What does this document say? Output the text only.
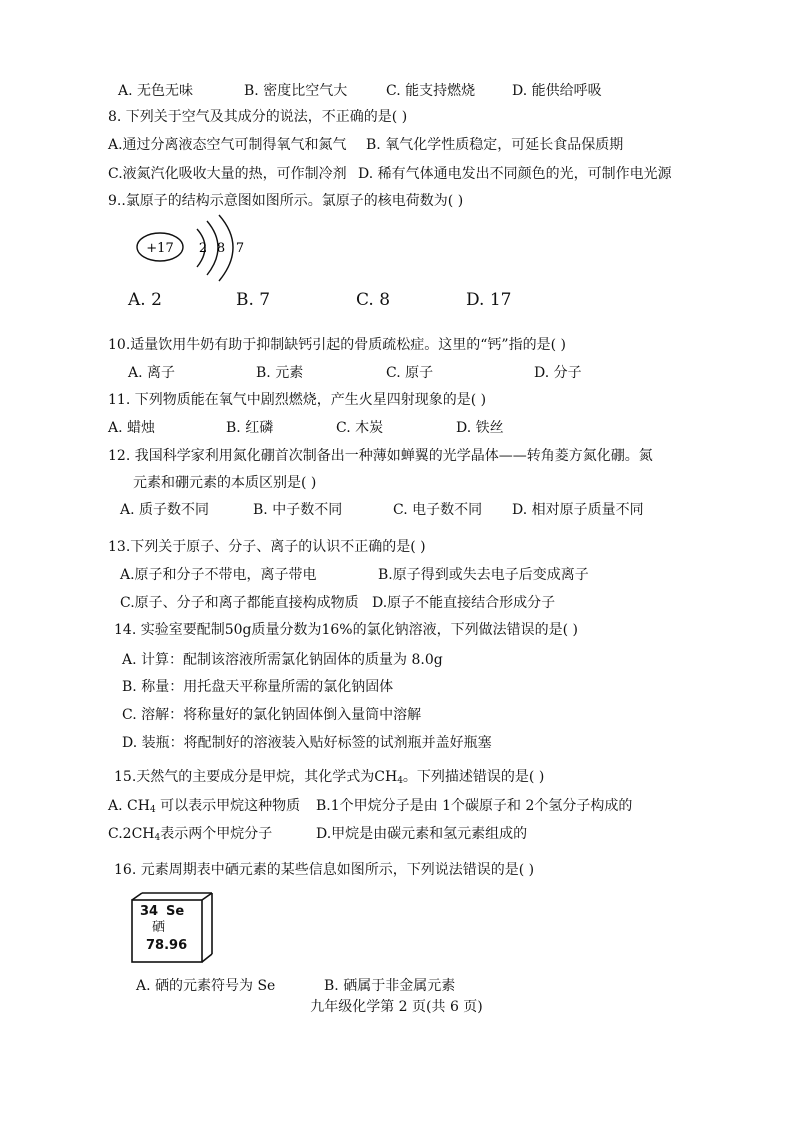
A. 无色无味	B. 密度比空气大	C. 能支持燃烧	D. 能供给呼吸
8. 下列关于空气及其成分的说法，不正确的是( )
A.通过分离液态空气可制得氧气和氮气 B. 氧气化学性质稳定，可延长食品保质期
C.液氮汽化吸收大量的热，可作制冷剂 D. 稀有气体通电发出不同颜色的光，可制作电光源
9..氯原子的结构示意图如图所示。氯原子的核电荷数为( )
+17 2 8 7
A. 2	B. 7	C. 8	D. 17
10.适量饮用牛奶有助于抑制缺钙引起的骨质疏松症。这里的“钙”指的是( )
A. 离子	B. 元素	C. 原子	D. 分子
11. 下列物质能在氧气中剧烈燃烧，产生火星四射现象的是( )
A. 蜡烛	B. 红磷	C. 木炭	D. 铁丝
12. 我国科学家利用氮化硼首次制备出一种薄如蝉翼的光学晶体——转角菱方氮化硼。氮
元素和硼元素的本质区别是( )
A. 质子数不同	B. 中子数不同	C. 电子数不同 D. 相对原子质量不同
13.下列关于原子、分子、离子的认识不正确的是( )
A.原子和分子不带电，离子带电	B.原子得到或失去电子后变成离子
C.原子、分子和离子都能直接构成物质 D.原子不能直接结合形成分子
14. 实验室要配制50g质量分数为16%的氯化钠溶液，下列做法错误的是( )
A. 计算：配制该溶液所需氯化钠固体的质量为 8.0g
B. 称量：用托盘天平称量所需的氯化钠固体
C. 溶解：将称量好的氯化钠固体倒入量筒中溶解
D. 装瓶：将配制好的溶液装入贴好标签的试剂瓶并盖好瓶塞
15.天然气的主要成分是甲烷，其化学式为$CH_4$。下列描述错误的是( )
A. $CH_4$ 可以表示甲烷这种物质 B.1个甲烷分子是由 1个碳原子和 2个氢分子构成的
$C.2CH_4$表示两个甲烷分子	D.甲烷是由碳元素和氢元素组成的
16. 元素周期表中硒元素的某些信息如图所示，下列说法错误的是( )
34 Se
硒
78.96
A. 硒的元素符号为 Se	B. 硒属于非金属元素
九年级化学第 2 页(共 6 页)
